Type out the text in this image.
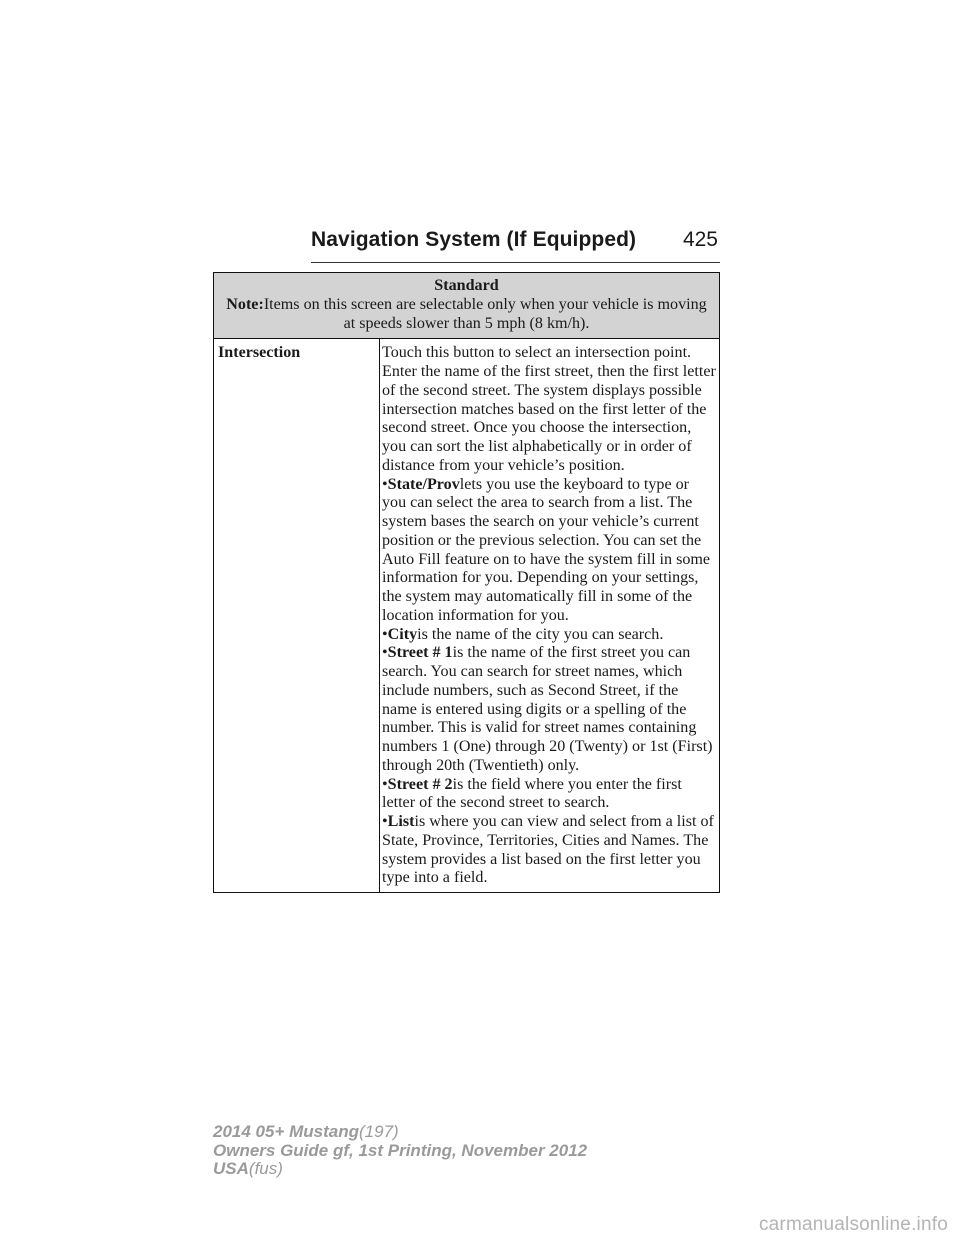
Navigation System (If Equipped) 425
Standard
Note:Items on this screen are selectable only when your vehicle is moving at speeds slower than 5 mph (8 km/h).

Intersection	Touch this button to select an intersection point. Enter the name of the first street, then the first letter of the second street. The system displays possible intersection matches based on the first letter of the second street. Once you choose the intersection, you can sort the list alphabetically or in order of distance from your vehicle’s position.

•State/Provlets you use the keyboard to type or you can select the area to search from a list. The system bases the search on your vehicle’s current position or the previous selection. You can set the Auto Fill feature on to have the system fill in some information for you. Depending on your settings, the system may automatically fill in some of the location information for you.

•Cityis the name of the city you can search.

•Street # 1is the name of the first street you can search. You can search for street names, which include numbers, such as Second Street, if the name is entered using digits or a spelling of the number. This is valid for street names containing numbers 1 (One) through 20 (Twenty) or 1st (First) through 20th (Twentieth) only.

•Street # 2is the field where you enter the first letter of the second street to search.

•Listis where you can view and select from a list of State, Province, Territories, Cities and Names. The system provides a list based on the first letter you type into a field.

2014 05+ Mustang(197)
Owners Guide gf, 1st Printing, November 2012
USA(fus)
carmanualsonline.info
